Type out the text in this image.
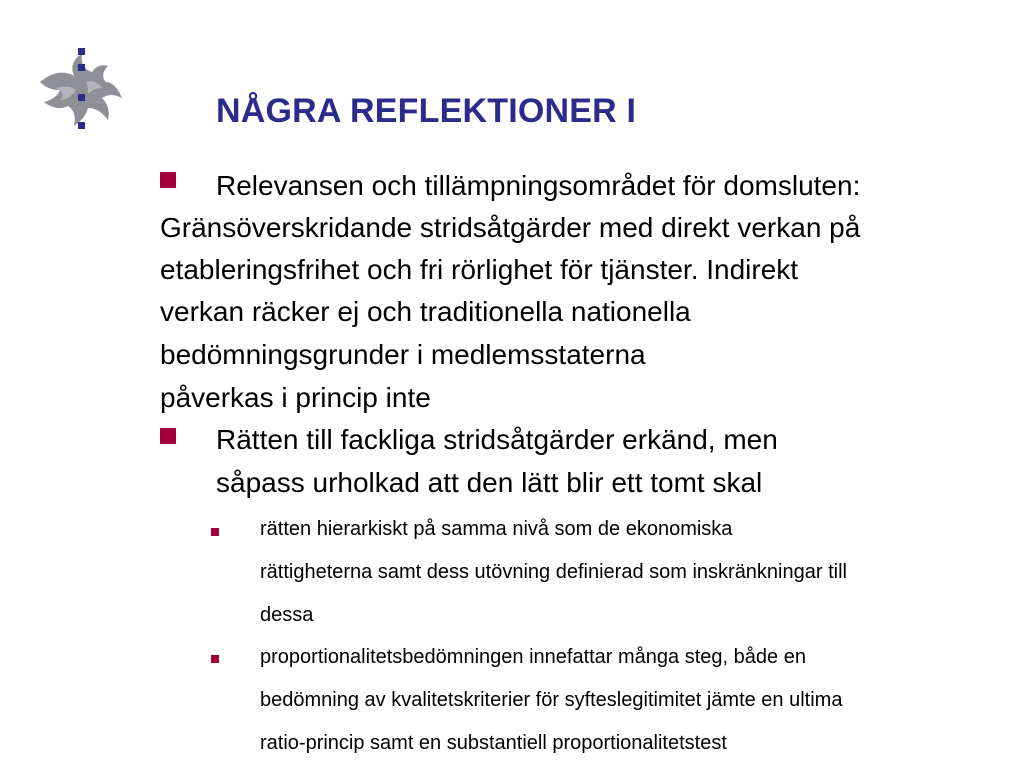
NÅGRA REFLEKTIONER I
Relevansen och tillämpningsområdet för domsluten:
Gränsöverskridande stridsåtgärder med direkt verkan på
etableringsfrihet och fri rörlighet för tjänster. Indirekt
verkan räcker ej och traditionella nationella
bedömningsgrunder i medlemsstaterna
påverkas i princip inte
Rätten till fackliga stridsåtgärder erkänd, men
såpass urholkad att den lätt blir ett tomt skal
rätten hierarkiskt på samma nivå som de ekonomiska
rättigheterna samt dess utövning definierad som inskränkningar till
dessa
proportionalitetsbedömningen innefattar många steg, både en
bedömning av kvalitetskriterier för syfteslegitimitet jämte en ultima
ratio-princip samt en substantiell proportionalitetstest
